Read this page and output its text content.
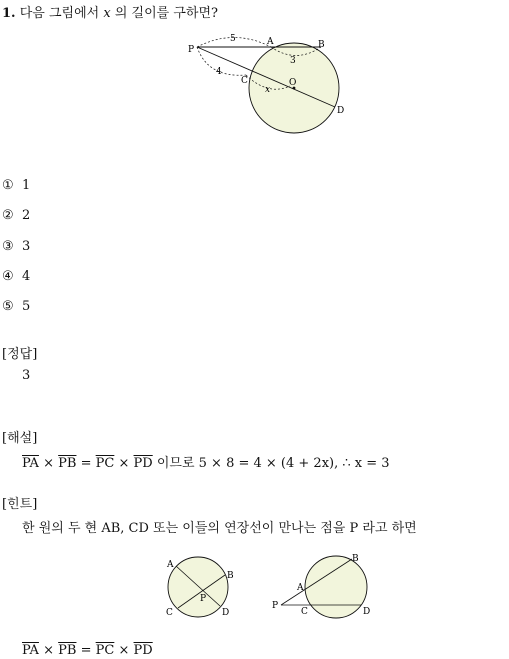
1. 다음 그림에서 x 의 길이를 구하면?
P
A	B
C	O
D
5
3
4
x
① 1
② 2
③ 3
④ 4
⑤ 5
[정답]
3
[해설]
$\overline{PA} \times \overline{PB} = \overline{PC} \times \overline{PD}$ 이므로 5 × 8 = 4 × (4 + 2x), ∴ x = 3
[힌트]
한 원의 두 현 AB, CD 또는 이들의 연장선이 만나는 점을 P 라고 하면
A
B
C	D
P
P
A
B
C	D
$\overline{PA} \times \overline{PB} = \overline{PC} \times \overline{PD}$
